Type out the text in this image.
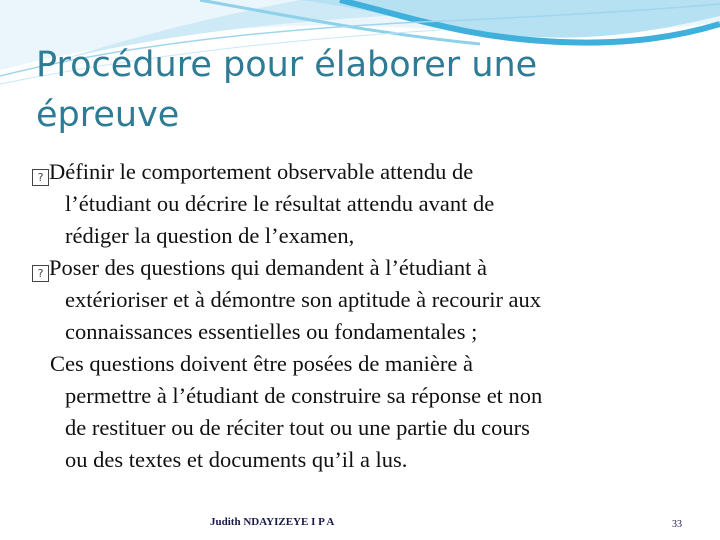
Procédure pour élaborer une
épreuve
? Définir le comportement observable attendu de
l’étudiant ou décrire le résultat attendu avant de
rédiger la question de l’examen,
? Poser des questions qui demandent à l’étudiant à
extérioriser et à démontre son aptitude à recourir aux
connaissances essentielles ou fondamentales ;
Ces questions doivent être posées de manière à
permettre à l’étudiant de construire sa réponse et non
de restituer ou de réciter tout ou une partie du cours
ou des textes et documents qu’il a lus.
Judith NDAYIZEYE I P A	33
